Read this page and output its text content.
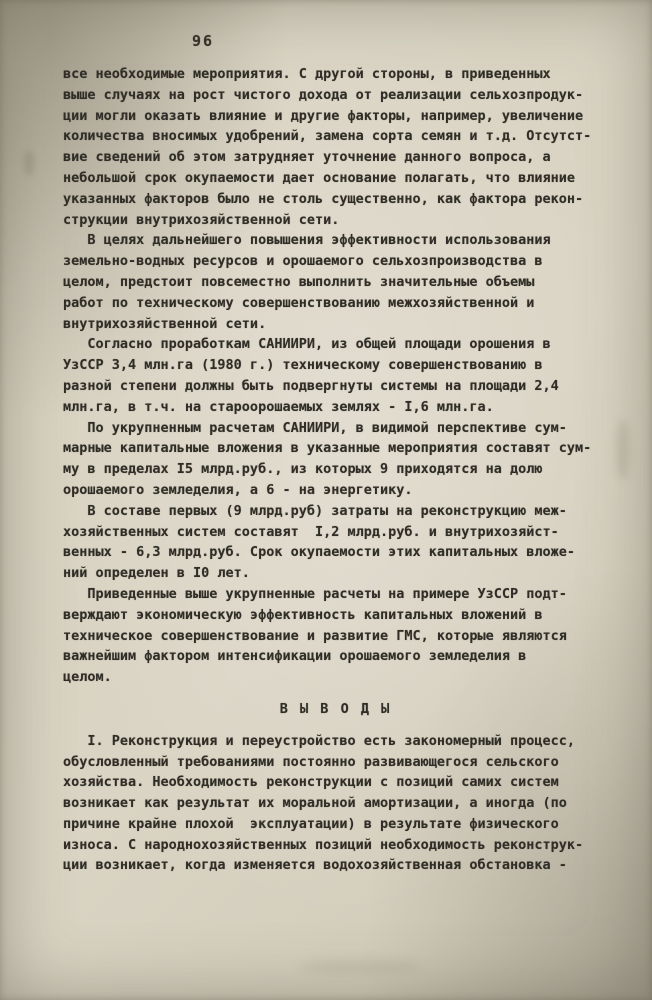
96
все необходимые мероприятия. С другой стороны, в приведенных
выше случаях на рост чистого дохода от реализации сельхозпродук-
ции могли оказать влияние и другие факторы, например, увеличение
количества вносимых удобрений, замена сорта семян и т.д. Отсутст-
вие сведений об этом затрудняет уточнение данного вопроса, а
небольшой срок окупаемости дает основание полагать, что влияние
указанных факторов было не столь существенно, как фактора рекон-
струкции внутрихозяйственной сети.
В целях дальнейшего повышения эффективности использования
земельно-водных ресурсов и орошаемого сельхозпроизводства в
целом, предстоит повсеместно выполнить значительные объемы
работ по техническому совершенствованию межхозяйственной и
внутрихозяйственной сети.
Согласно проработкам САНИИРИ, из общей площади орошения в
УзССР 3,4 млн.га (1980 г.) техническому совершенствованию в
разной степени должны быть подвергнуты системы на площади 2,4
млн.га, в т.ч. на староорошаемых землях - I,6 млн.га.
По укрупненным расчетам САНИИРИ, в видимой перспективе сум-
марные капитальные вложения в указанные мероприятия составят сум-
му в пределах I5 млрд.руб., из которых 9 приходятся на долю
орошаемого земледелия, а 6 - на энергетику.
В составе первых (9 млрд.руб) затраты на реконструкцию меж-
хозяйственных систем составят  I,2 млрд.руб. и внутрихозяйст-
венных - 6,3 млрд.руб. Срок окупаемости этих капитальных вложе-
ний определен в I0 лет.
Приведенные выше укрупненные расчеты на примере УзССР подт-
верждают экономическую эффективность капитальных вложений в
техническое совершенствование и развитие ГМС, которые являются
важнейшим фактором интенсификации орошаемого земледелия в
целом.
В Ы В О Д Ы
I. Реконструкция и переустройство есть закономерный процесс,
обусловленный требованиями постоянно развивающегося сельского
хозяйства. Необходимость реконструкции с позиций самих систем
возникает как результат их моральной амортизации, а иногда (по
причине крайне плохой  эксплуатации) в результате физического
износа. С народнохозяйственных позиций необходимость реконструк-
ции возникает, когда изменяется водохозяйственная обстановка -
